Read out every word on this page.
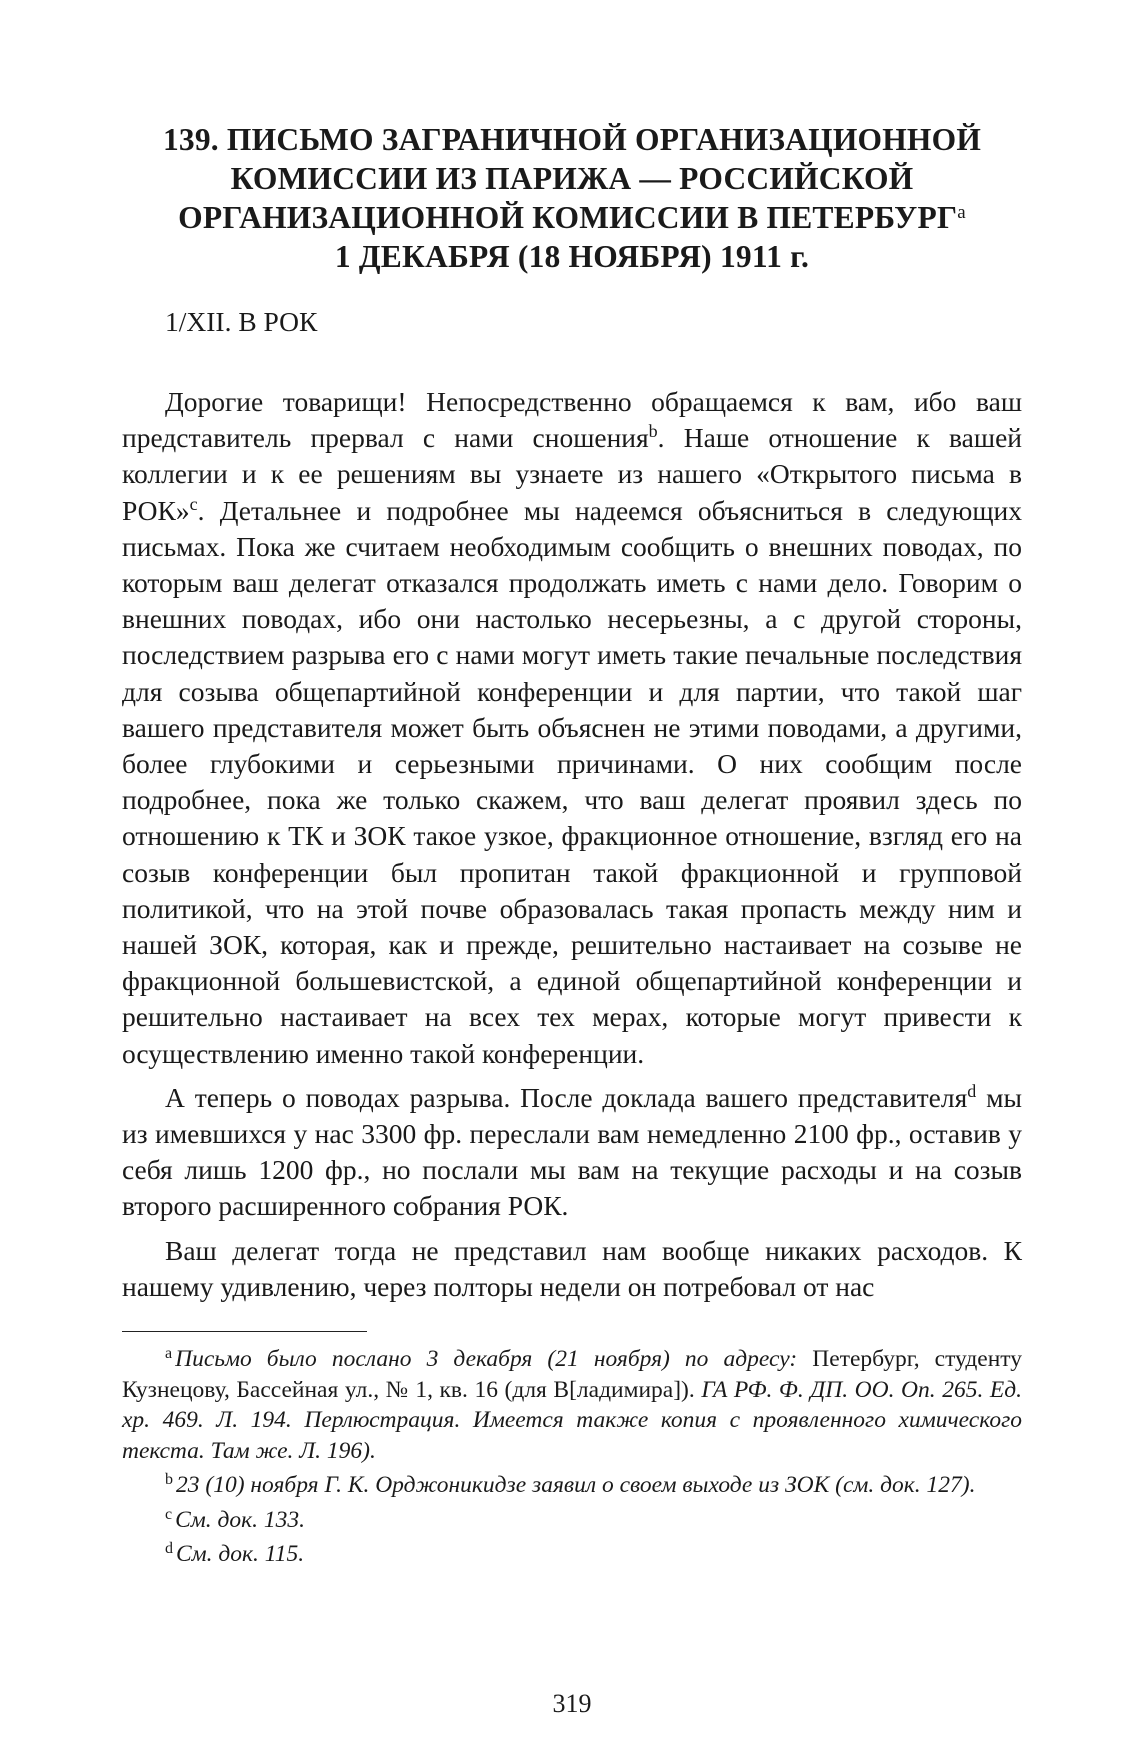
139. ПИСЬМО ЗАГРАНИЧНОЙ ОРГАНИЗАЦИОННОЙ
КОМИССИИ ИЗ ПАРИЖА — РОССИЙСКОЙ
ОРГАНИЗАЦИОННОЙ КОМИССИИ В ПЕТЕРБУРГ$^a$
1 ДЕКАБРЯ (18 НОЯБРЯ) 1911 г.
1/XII. В РОК

Дорогие товарищи! Непосредственно обращаемся к вам, ибо ваш представитель прервал с нами сношения$^b$. Наше отношение к вашей коллегии и к ее решениям вы узнаете из нашего «Открытого письма в РОК»$^c$. Детальнее и подробнее мы надеемся объясниться в следующих письмах. Пока же считаем необходимым сообщить о внешних поводах, по которым ваш делегат отказался продолжать иметь с нами дело. Говорим о внешних поводах, ибо они настолько несерьезны, а с другой стороны, последствием разрыва его с нами могут иметь такие печальные последствия для созыва общепартийной конференции и для партии, что такой шаг вашего представителя может быть объяснен не этими поводами, а другими, более глубокими и серьезными причинами. О них сообщим после подробнее, пока же только скажем, что ваш делегат проявил здесь по отношению к ТК и ЗОК такое узкое, фракционное отношение, взгляд его на созыв конференции был пропитан такой фракционной и групповой политикой, что на этой почве образовалась такая пропасть между ним и нашей ЗОК, которая, как и прежде, решительно настаивает на созыве не фракционной большевистской, а единой общепартийной конференции и решительно настаивает на всех тех мерах, которые могут привести к осуществлению именно такой конференции.

А теперь о поводах разрыва. После доклада вашего представителя$^d$ мы из имевшихся у нас 3300 фр. переслали вам немедленно 2100 фр., оставив у себя лишь 1200 фр., но послали мы вам на текущие расходы и на созыв второго расширенного собрания РОК.

Ваш делегат тогда не представил нам вообще никаких расходов. К нашему удивлению, через полторы недели он потребовал от нас

$^a$ Письмо было послано 3 декабря (21 ноября) по адресу: Петербург, студенту Кузнецову, Бассейная ул., № 1, кв. 16 (для В[ладимира]). ГА РФ. Ф. ДП. ОО. Оп. 265. Ед. хр. 469. Л. 194. Перлюстрация. Имеется также копия с проявленного химического текста. Там же. Л. 196).

$^b$ 23 (10) ноября Г. К. Орджоникидзе заявил о своем выходе из ЗОК (см. док. 127).

$^c$ См. док. 133.

$^d$ См. док. 115.

319
